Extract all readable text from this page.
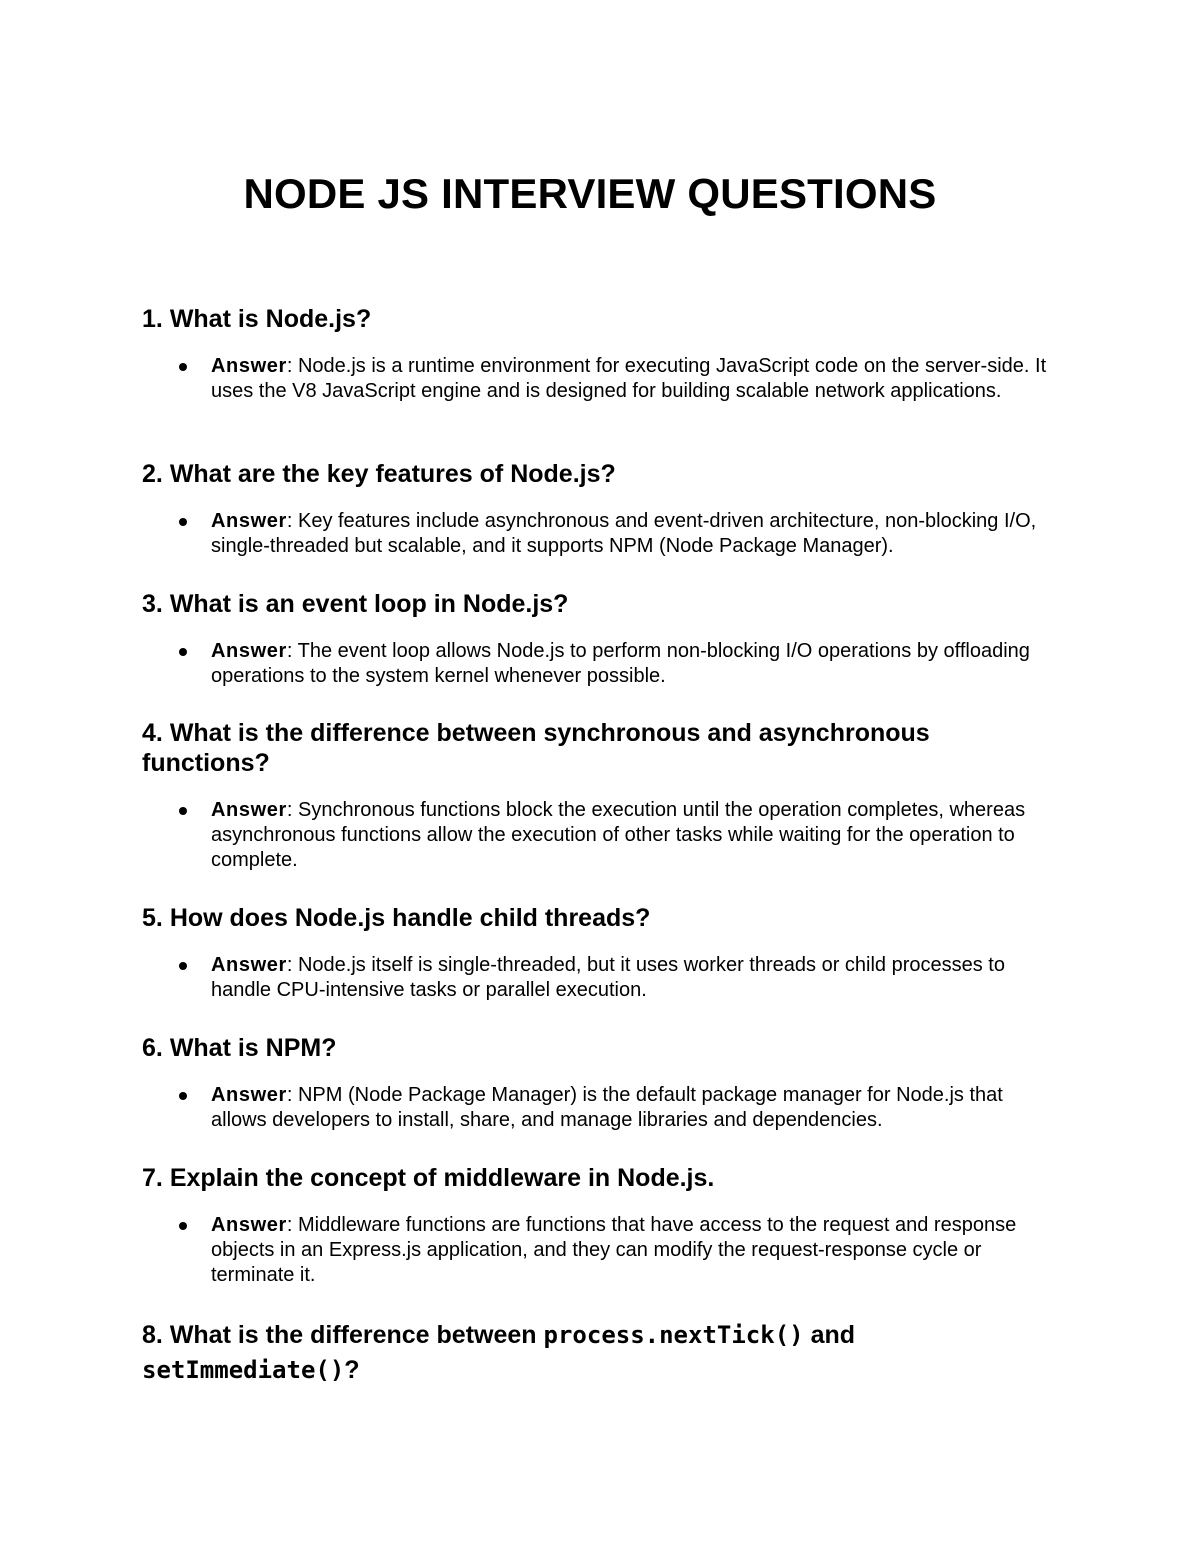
NODE JS INTERVIEW QUESTIONS

1. What is Node.js?

Answer: Node.js is a runtime environment for executing JavaScript code on the server-side. It uses the V8 JavaScript engine and is designed for building scalable network applications.

2. What are the key features of Node.js?

Answer: Key features include asynchronous and event-driven architecture, non-blocking I/O, single-threaded but scalable, and it supports NPM (Node Package Manager).

3. What is an event loop in Node.js?

Answer: The event loop allows Node.js to perform non-blocking I/O operations by offloading operations to the system kernel whenever possible.

4. What is the difference between synchronous and asynchronous functions?

Answer: Synchronous functions block the execution until the operation completes, whereas asynchronous functions allow the execution of other tasks while waiting for the operation to complete.

5. How does Node.js handle child threads?

Answer: Node.js itself is single-threaded, but it uses worker threads or child processes to handle CPU-intensive tasks or parallel execution.

6. What is NPM?

Answer: NPM (Node Package Manager) is the default package manager for Node.js that allows developers to install, share, and manage libraries and dependencies.

7. Explain the concept of middleware in Node.js.

Answer: Middleware functions are functions that have access to the request and response objects in an Express.js application, and they can modify the request-response cycle or terminate it.

8. What is the difference between process.nextTick() and
setImmediate()?
